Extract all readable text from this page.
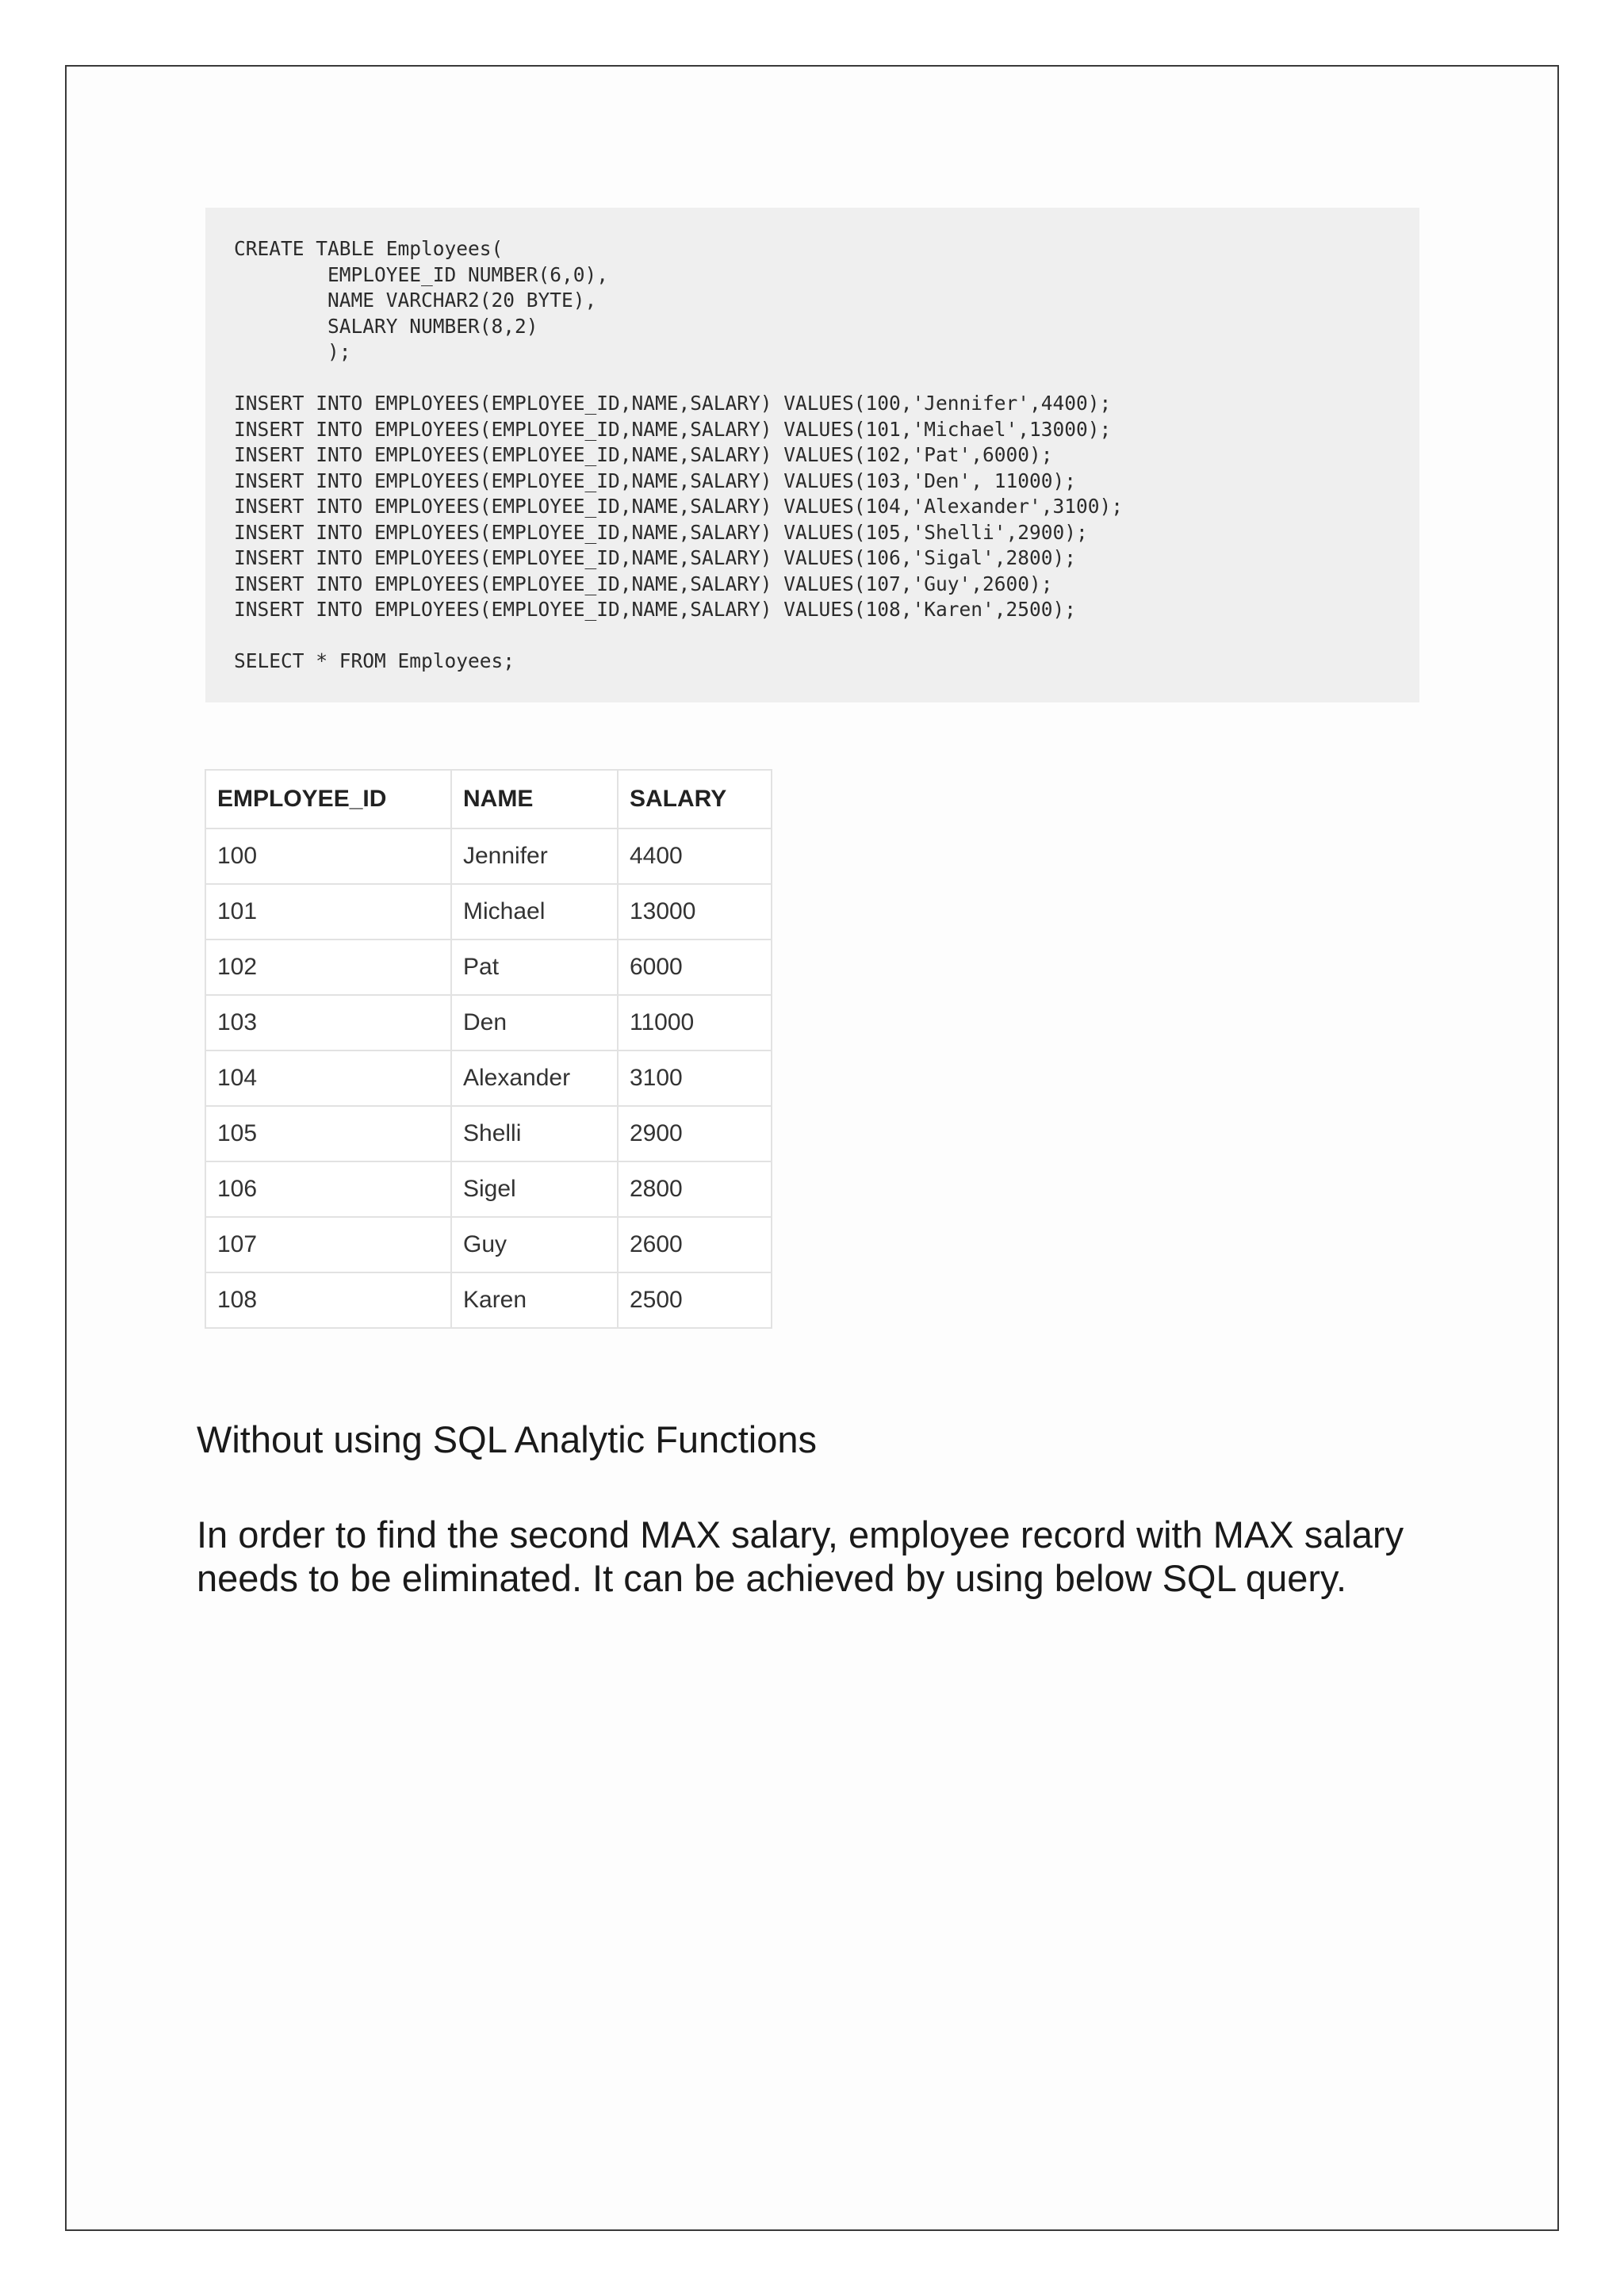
CREATE TABLE Employees(
EMPLOYEE_ID NUMBER(6,0),
NAME VARCHAR2(20 BYTE),
SALARY NUMBER(8,2)
);
INSERT INTO EMPLOYEES(EMPLOYEE_ID,NAME,SALARY) VALUES(100,'Jennifer',4400);
INSERT INTO EMPLOYEES(EMPLOYEE_ID,NAME,SALARY) VALUES(101,'Michael',13000);
INSERT INTO EMPLOYEES(EMPLOYEE_ID,NAME,SALARY) VALUES(102,'Pat',6000);
INSERT INTO EMPLOYEES(EMPLOYEE_ID,NAME,SALARY) VALUES(103,'Den', 11000);
INSERT INTO EMPLOYEES(EMPLOYEE_ID,NAME,SALARY) VALUES(104,'Alexander',3100);
INSERT INTO EMPLOYEES(EMPLOYEE_ID,NAME,SALARY) VALUES(105,'Shelli',2900);
INSERT INTO EMPLOYEES(EMPLOYEE_ID,NAME,SALARY) VALUES(106,'Sigal',2800);
INSERT INTO EMPLOYEES(EMPLOYEE_ID,NAME,SALARY) VALUES(107,'Guy',2600);
INSERT INTO EMPLOYEES(EMPLOYEE_ID,NAME,SALARY) VALUES(108,'Karen',2500);
SELECT * FROM Employees;
EMPLOYEE_ID	NAME	SALARY
100	Jennifer	4400
101	Michael	13000
102	Pat	6000
103	Den	11000
104	Alexander	3100
105	Shelli	2900
106	Sigel	2800
107	Guy	2600
108	Karen	2500
Without using SQL Analytic Functions
In order to find the second MAX salary, employee record with MAX salary needs to be eliminated. It can be achieved by using below SQL query.
